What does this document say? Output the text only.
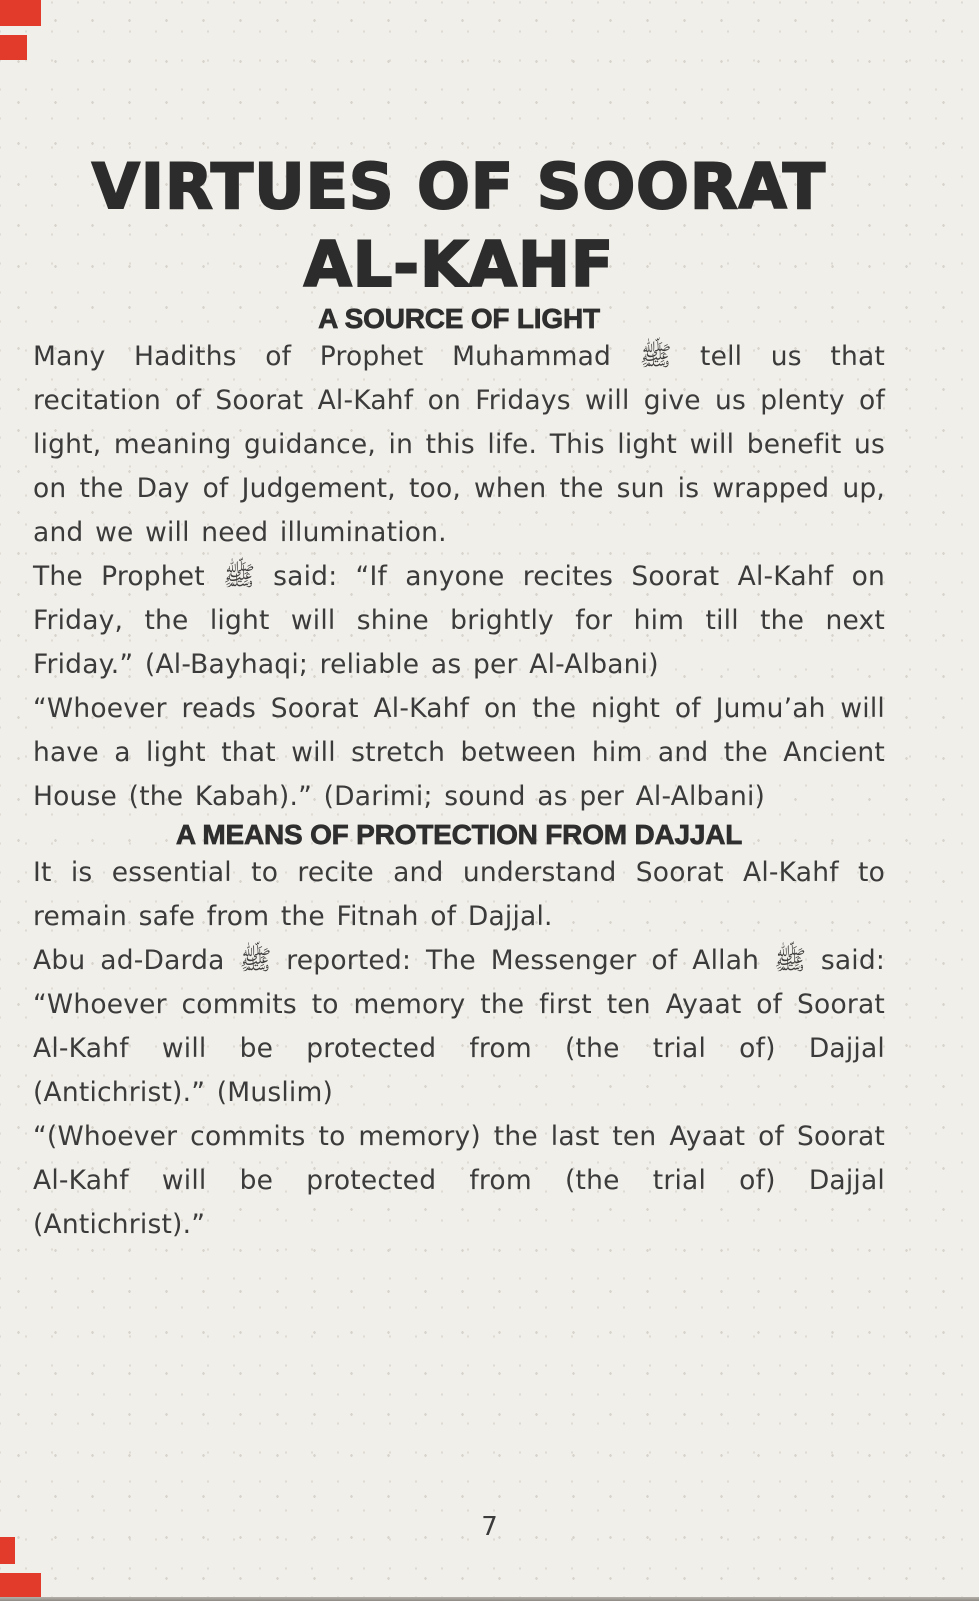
VIRTUES OF SOORAT
AL-KAHF
A SOURCE OF LIGHT

Many Hadiths of Prophet Muhammad ﷺ tell us that recitation of Soorat Al-Kahf on Fridays will give us plenty of light, meaning guidance, in this life. This light will benefit us on the Day of Judgement, too, when the sun is wrapped up, and we will need illumination.

The Prophet ﷺ said: “If anyone recites Soorat Al-Kahf on Friday, the light will shine brightly for him till the next Friday.” (Al-Bayhaqi; reliable as per Al-Albani)

“Whoever reads Soorat Al-Kahf on the night of Jumu’ah will have a light that will stretch between him and the Ancient House (the Kabah).” (Darimi; sound as per Al-Albani)

A MEANS OF PROTECTION FROM DAJJAL

It is essential to recite and understand Soorat Al-Kahf to remain safe from the Fitnah of Dajjal.

Abu ad-Darda ﷺ reported: The Messenger of Allah ﷺ said: “Whoever commits to memory the first ten Ayaat of Soorat Al-Kahf will be protected from (the trial of) Dajjal (Antichrist).” (Muslim)

“(Whoever commits to memory) the last ten Ayaat of Soorat Al-Kahf will be protected from (the trial of) Dajjal (Antichrist).”

7
